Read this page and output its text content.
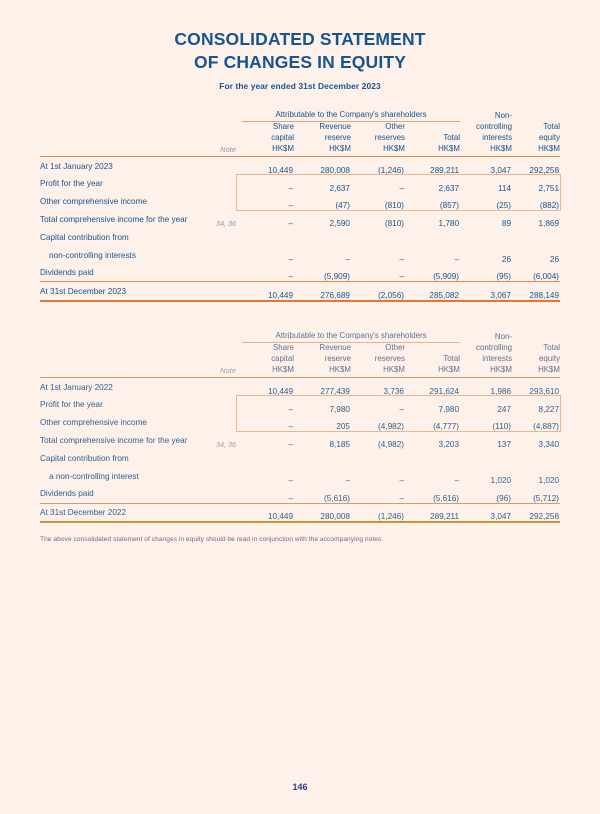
CONSOLIDATED STATEMENT
OF CHANGES IN EQUITY
For the year ended 31st December 2023
		Attributable to the Company's shareholders				Non-	
		Share	Revenue	Other		controlling	Total
		capital	reserve	reserves	Total	interests	equity
	Note	HK$M	HK$M	HK$M	HK$M	HK$M	HK$M
At 1st January 2023		10,449	280,008	(1,246)	289,211	3,047	292,258
Profit for the year		–	2,637	–	2,637	114	2,751
Other comprehensive income		–	(47)	(810)	(857)	(25)	(882)
Total comprehensive income for the year	34, 36	–	2,590	(810)	1,780	89	1,869
Capital contribution from							
non-controlling interests		–	–	–	–	26	26
Dividends paid		–	(5,909)	–	(5,909)	(95)	(6,004)
At 31st December 2023		10,449	276,689	(2,056)	285,082	3,067	288,149
		Attributable to the Company's shareholders				Non-	
		Share	Revenue	Other		controlling	Total
		capital	reserve	reserves	Total	interests	equity
	Note	HK$M	HK$M	HK$M	HK$M	HK$M	HK$M
At 1st January 2022		10,449	277,439	3,736	291,624	1,986	293,610
Profit for the year		–	7,980	–	7,980	247	8,227
Other comprehensive income		–	205	(4,982)	(4,777)	(110)	(4,887)
Total comprehensive income for the year	34, 36	–	8,185	(4,982)	3,203	137	3,340
Capital contribution from							
a non-controlling interest		–	–	–	–	1,020	1,020
Dividends paid		–	(5,616)	–	(5,616)	(96)	(5,712)
At 31st December 2022		10,449	280,008	(1,246)	289,211	3,047	292,258
The above consolidated statement of changes in equity should be read in conjunction with the accompanying notes.
146
